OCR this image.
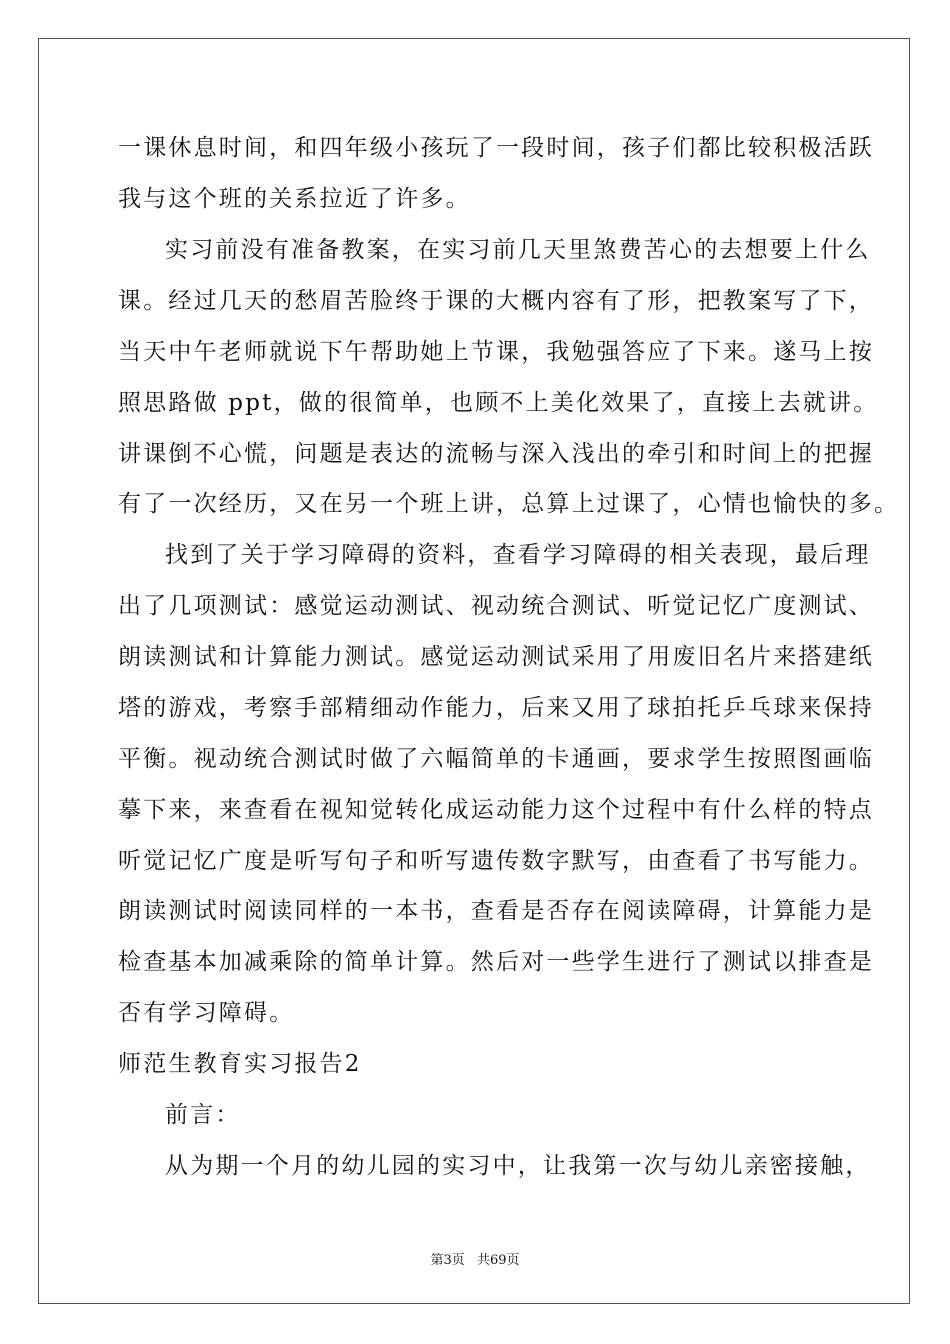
一课休息时间，和四年级小孩玩了一段时间，孩子们都比较积极活跃
我与这个班的关系拉近了许多。
实习前没有准备教案，在实习前几天里煞费苦心的去想要上什么
课。经过几天的愁眉苦脸终于课的大概内容有了形，把教案写了下，
当天中午老师就说下午帮助她上节课，我勉强答应了下来。遂马上按
照思路做 ppt，做的很简单，也顾不上美化效果了，直接上去就讲。
讲课倒不心慌，问题是表达的流畅与深入浅出的牵引和时间上的把握
有了一次经历，又在另一个班上讲，总算上过课了，心情也愉快的多。
找到了关于学习障碍的资料，查看学习障碍的相关表现，最后理
出了几项测试：感觉运动测试、视动统合测试、听觉记忆广度测试、
朗读测试和计算能力测试。感觉运动测试采用了用废旧名片来搭建纸
塔的游戏，考察手部精细动作能力，后来又用了球拍托乒乓球来保持
平衡。视动统合测试时做了六幅简单的卡通画，要求学生按照图画临
摹下来，来查看在视知觉转化成运动能力这个过程中有什么样的特点
听觉记忆广度是听写句子和听写遗传数字默写，由查看了书写能力。
朗读测试时阅读同样的一本书，查看是否存在阅读障碍，计算能力是
检查基本加减乘除的简单计算。然后对一些学生进行了测试以排查是
否有学习障碍。
师范生教育实习报告2
前言：
从为期一个月的幼儿园的实习中，让我第一次与幼儿亲密接触，
第3页 共69页
